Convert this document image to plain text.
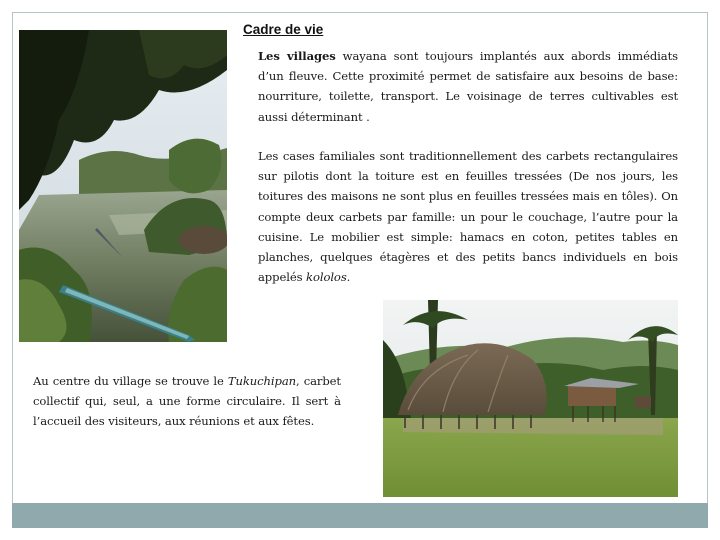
Cadre de vie
Les villages wayana sont toujours implantés aux abords immédiats d’un fleuve. Cette proximité permet de satisfaire aux besoins de base: nourriture, toilette, transport. Le voisinage de terres cultivables est aussi déterminant .
Les cases familiales sont traditionnellement des carbets rectangulaires sur pilotis dont la toiture est en feuilles tressées (De nos jours, les toitures des maisons ne sont plus en feuilles tressées mais en tôles). On compte deux carbets par famille: un pour le couchage, l’autre pour la cuisine. Le mobilier est simple: hamacs en coton, petites tables en planches, quelques étagères et des petits bancs individuels en bois appelés kololos.
Au centre du village se trouve le Tukuchipan, carbet collectif qui, seul, a une forme circulaire. Il sert à l’accueil des visiteurs, aux réunions et aux fêtes.
